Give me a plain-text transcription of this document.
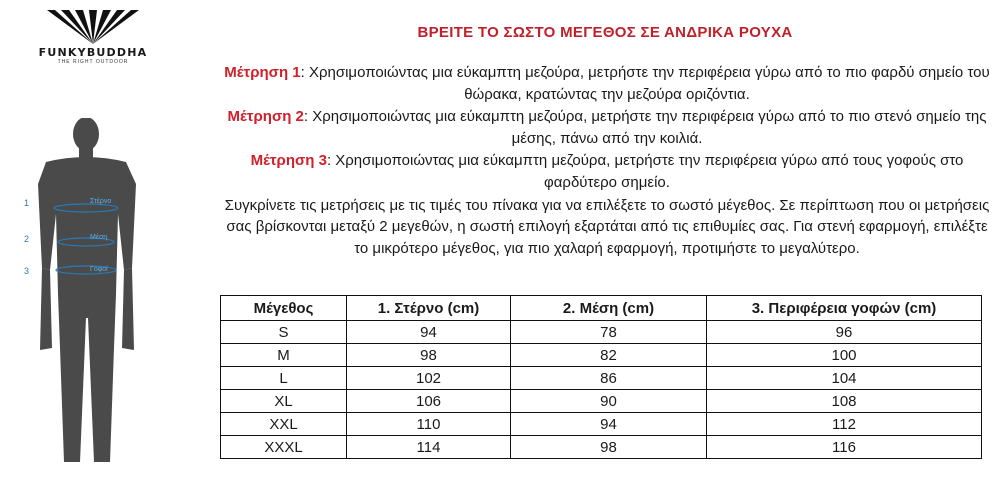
FUNKYBUDDHA
THE RIGHT OUTDOOR
1
2
3
Στέρνο
Μέση
Γοφοί
ΒΡΕΙΤΕ ΤΟ ΣΩΣΤΟ ΜΕΓΕΘΟΣ ΣΕ ΑΝΔΡΙΚΑ ΡΟΥΧΑ

Μέτρηση 1: Χρησιμοποιώντας μια εύκαμπτη μεζούρα, μετρήστε την περιφέρεια γύρω από το πιο φαρδύ σημείο του θώρακα, κρατώντας την μεζούρα οριζόντια.

Μέτρηση 2: Χρησιμοποιώντας μια εύκαμπτη μεζούρα, μετρήστε την περιφέρεια γύρω από το πιο στενό σημείο της μέσης, πάνω από την κοιλιά.

Μέτρηση 3: Χρησιμοποιώντας μια εύκαμπτη μεζούρα, μετρήστε την περιφέρεια γύρω από τους γοφούς στο φαρδύτερο σημείο.

Συγκρίνετε τις μετρήσεις με τις τιμές του πίνακα για να επιλέξετε το σωστό μέγεθος. Σε περίπτωση που οι μετρήσεις σας βρίσκονται μεταξύ 2 μεγεθών, η σωστή επιλογή εξαρτάται από τις επιθυμίες σας. Για στενή εφαρμογή, επιλέξτε το μικρότερο μέγεθος, για πιο χαλαρή εφαρμογή, προτιμήστε το μεγαλύτερο.

Μέγεθος	1. Στέρνο (cm)	2. Μέση (cm)	3. Περιφέρεια γοφών (cm)
S	94	78	96
M	98	82	100
L	102	86	104
XL	106	90	108
XXL	110	94	112
XXXL	114	98	116
